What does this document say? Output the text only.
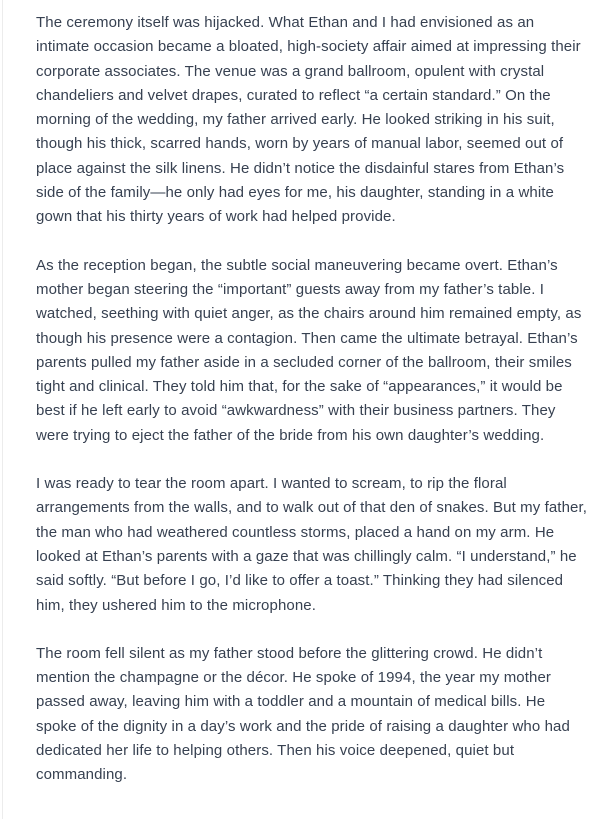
The ceremony itself was hijacked. What Ethan and I had envisioned as an intimate occasion became a bloated, high-society affair aimed at impressing their corporate associates. The venue was a grand ballroom, opulent with crystal chandeliers and velvet drapes, curated to reflect “a certain standard.” On the morning of the wedding, my father arrived early. He looked striking in his suit, though his thick, scarred hands, worn by years of manual labor, seemed out of place against the silk linens. He didn’t notice the disdainful stares from Ethan’s side of the family—he only had eyes for me, his daughter, standing in a white gown that his thirty years of work had helped provide.

As the reception began, the subtle social maneuvering became overt. Ethan’s mother began steering the “important” guests away from my father’s table. I watched, seething with quiet anger, as the chairs around him remained empty, as though his presence were a contagion. Then came the ultimate betrayal. Ethan’s parents pulled my father aside in a secluded corner of the ballroom, their smiles tight and clinical. They told him that, for the sake of “appearances,” it would be best if he left early to avoid “awkwardness” with their business partners. They were trying to eject the father of the bride from his own daughter’s wedding.

I was ready to tear the room apart. I wanted to scream, to rip the floral arrangements from the walls, and to walk out of that den of snakes. But my father, the man who had weathered countless storms, placed a hand on my arm. He looked at Ethan’s parents with a gaze that was chillingly calm. “I understand,” he said softly. “But before I go, I’d like to offer a toast.” Thinking they had silenced him, they ushered him to the microphone.

The room fell silent as my father stood before the glittering crowd. He didn’t mention the champagne or the décor. He spoke of 1994, the year my mother passed away, leaving him with a toddler and a mountain of medical bills. He spoke of the dignity in a day’s work and the pride of raising a daughter who had dedicated her life to helping others. Then his voice deepened, quiet but commanding.
